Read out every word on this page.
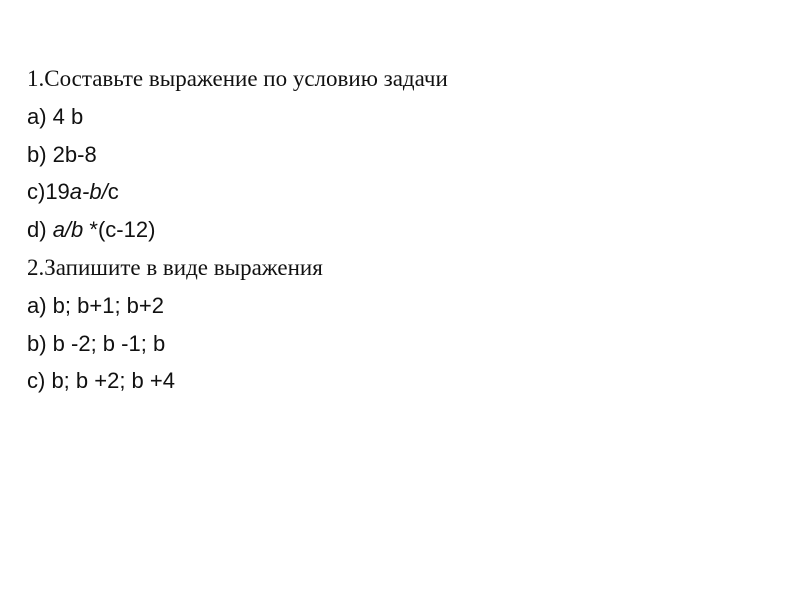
1.Составьте выражение по условию задачи
a) 4 b
b) 2b-8
c)19a-b/c
d) a/b *(c-12)
2.Запишите в виде выражения
a) b; b+1; b+2
b) b -2; b -1; b
c) b; b +2; b +4
